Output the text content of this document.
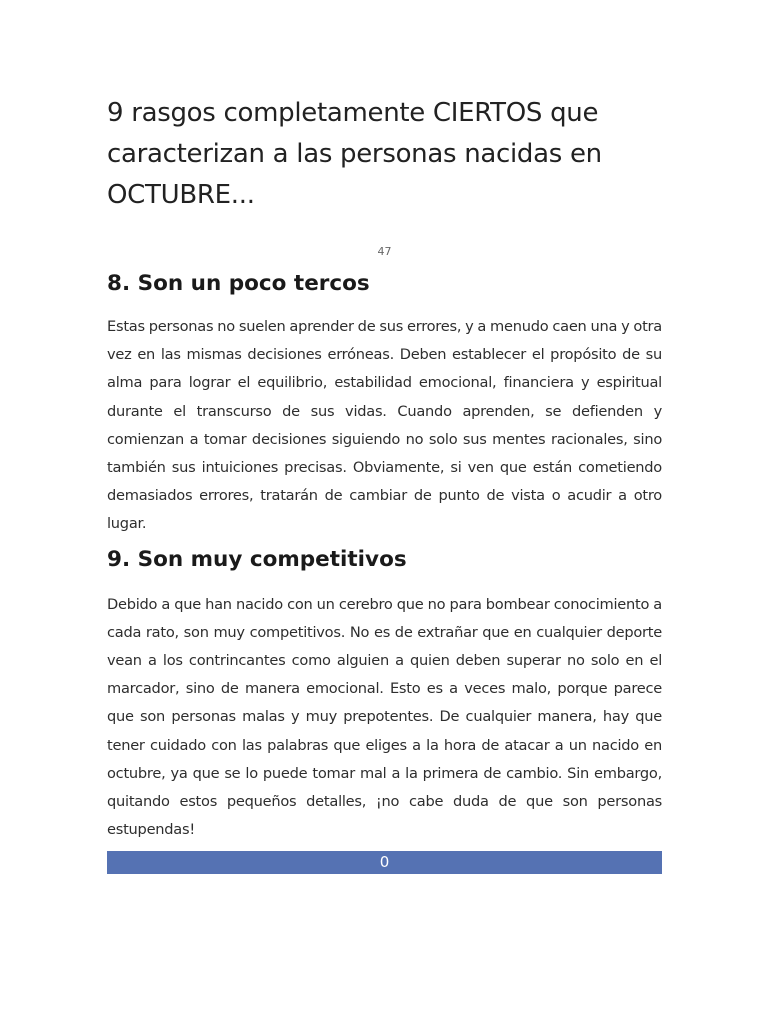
9 rasgos completamente CIERTOS que caracterizan a las personas nacidas en OCTUBRE...
47
8. Son un poco tercos

Estas personas no suelen aprender de sus errores, y a menudo caen una y otra vez en las mismas decisiones erróneas. Deben establecer el propósito de su alma para lograr el equilibrio, estabilidad emocional, financiera y espiritual durante el transcurso de sus vidas. Cuando aprenden, se defienden y comienzan a tomar decisiones siguiendo no solo sus mentes racionales, sino también sus intuiciones precisas. Obviamente, si ven que están cometiendo demasiados errores, tratarán de cambiar de punto de vista o acudir a otro lugar.

9. Son muy competitivos

Debido a que han nacido con un cerebro que no para bombear conocimiento a cada rato, son muy competitivos. No es de extrañar que en cualquier deporte vean a los contrincantes como alguien a quien deben superar no solo en el marcador, sino de manera emocional. Esto es a veces malo, porque parece que son personas malas y muy prepotentes. De cualquier manera, hay que tener cuidado con las palabras que eliges a la hora de atacar a un nacido en octubre, ya que se lo puede tomar mal a la primera de cambio. Sin embargo, quitando estos pequeños detalles, ¡no cabe duda de que son personas estupendas!

0
